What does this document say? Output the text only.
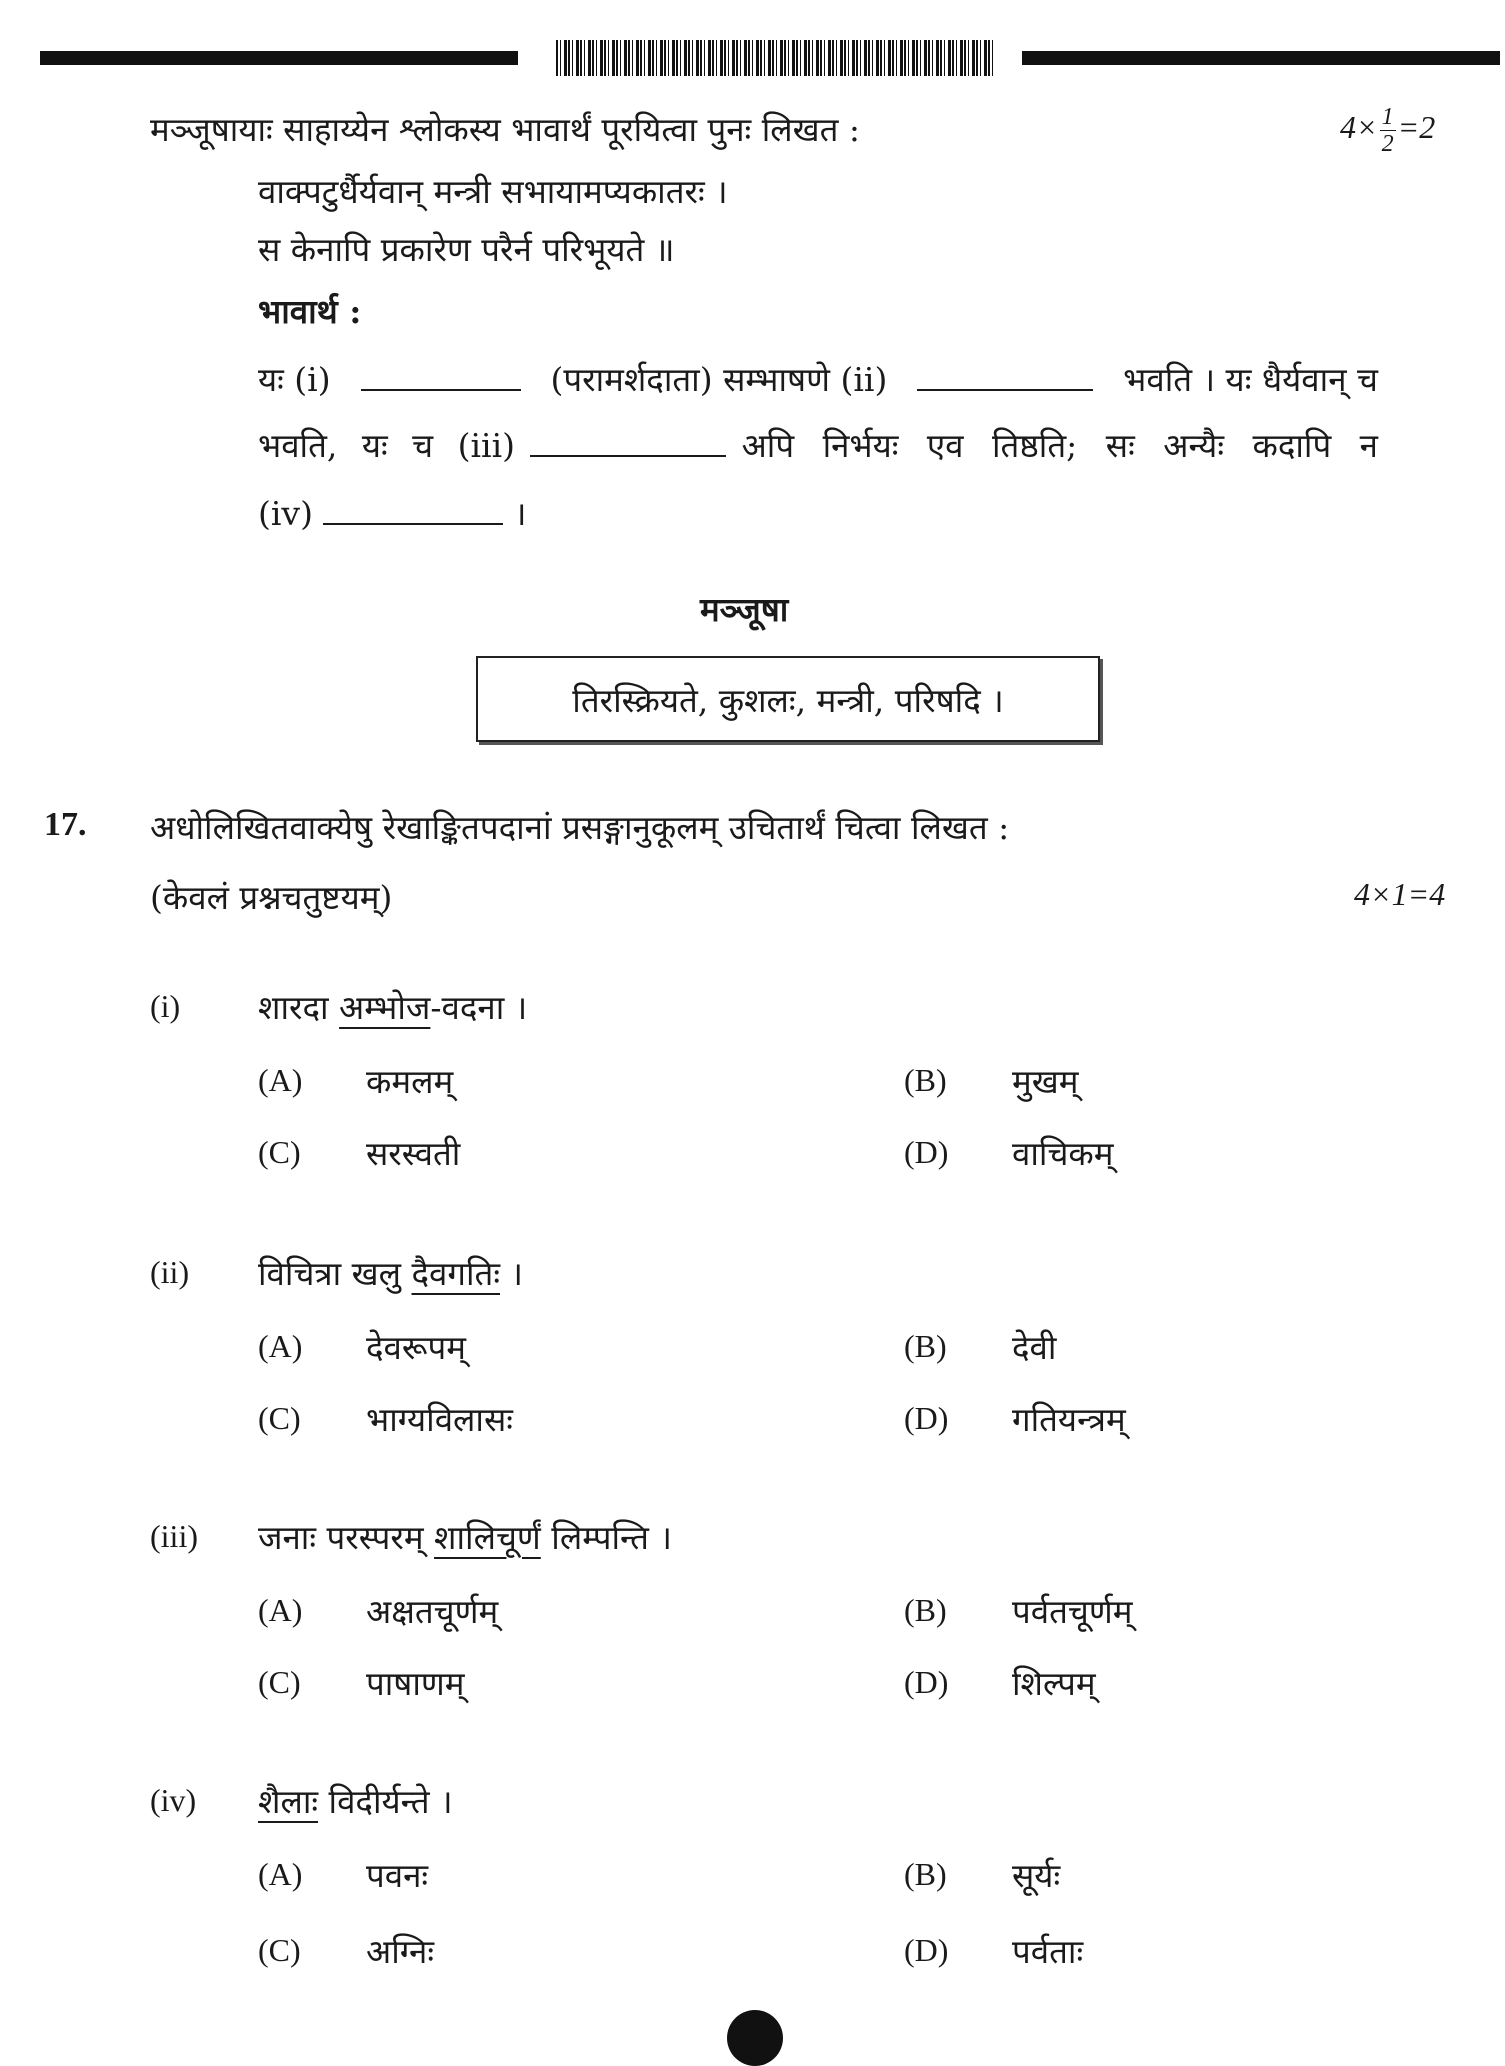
मञ्जूषायाः साहाय्येन श्लोकस्य भावार्थं पूरयित्वा पुनः लिखत :	$4\times \frac{1}{2} =2$
वाक्पटुर्धैर्यवान् मन्त्री सभायामप्यकातरः ।
स केनापि प्रकारेण परैर्न परिभूयते ॥
भावार्थ :
यः (i)	(परामर्शदाता) सम्भाषणे (ii)	भवति । यः धैर्यवान् च
भवति, यः च (iii)	अपि निर्भयः एव तिष्ठति; सः अन्यैः कदापि न
(iv)	।
मञ्जूषा
तिरस्क्रियते, कुशलः, मन्त्री, परिषदि ।
17. अधोलिखितवाक्येषु रेखाङ्कितपदानां प्रसङ्गानुकूलम् उचितार्थं चित्वा लिखत :
(केवलं प्रश्नचतुष्टयम्)	4×1=4
(i) शारदा अम्भोज-वदना ।
(A) कमलम्	(B) मुखम्
(C) सरस्वती	(D) वाचिकम्
(ii) विचित्रा खलु दैवगतिः ।
(A) देवरूपम्	(B) देवी
(C) भाग्यविलासः	(D) गतियन्त्रम्
(iii) जनाः परस्परम् शालिचूर्णं लिम्पन्ति ।
(A) अक्षतचूर्णम्	(B) पर्वतचूर्णम्
(C) पाषाणम्	(D) शिल्पम्
(iv) शैलाः विदीर्यन्ते ।
(A) पवनः	(B) सूर्यः
(C) अग्निः	(D) पर्वताः
